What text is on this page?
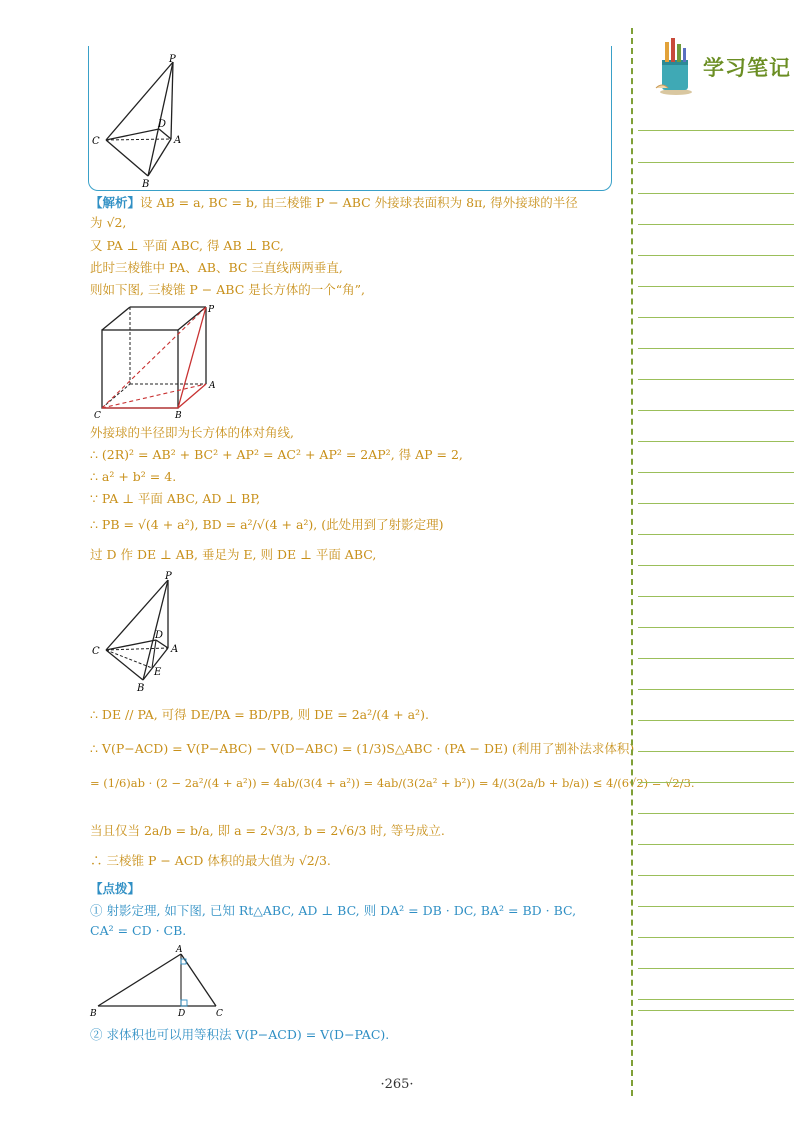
P
C	A
B
D
【解析】设 AB = a, BC = b, 由三棱锥 P − ABC 外接球表面积为 8π, 得外接球的半径
为 √2,
又 PA ⊥ 平面 ABC, 得 AB ⊥ BC,
此时三棱锥中 PA、AB、BC 三直线两两垂直,
则如下图, 三棱锥 P − ABC 是长方体的一个“角”,
P
A
B
C
外接球的半径即为长方体的体对角线,
∴ (2R)² = AB² + BC² + AP² = AC² + AP² = 2AP², 得 AP = 2,
∴ a² + b² = 4.
∵ PA ⊥ 平面 ABC, AD ⊥ BP,
∴ PB = √(4 + a²), BD = a²/√(4 + a²), (此处用到了射影定理)
过 D 作 DE ⊥ AB, 垂足为 E, 则 DE ⊥ 平面 ABC,
P
C	A
B
D
E
∴ DE // PA, 可得 DE/PA = BD/PB, 则 DE = 2a²/(4 + a²).
∴ V(P−ACD) = V(P−ABC) − V(D−ABC) = (1/3)S△ABC · (PA − DE) (利用了割补法求体积)
= (1/6)ab · (2 − 2a²/(4 + a²)) = 4ab/(3(4 + a²)) = 4ab/(3(2a² + b²)) = 4/(3(2a/b + b/a)) ≤ 4/(6√2) = √2/3.
当且仅当 2a/b = b/a, 即 a = 2√3/3, b = 2√6/3 时, 等号成立.
∴ 三棱锥 P − ACD 体积的最大值为 √2/3.
【点拨】
① 射影定理, 如下图, 已知 Rt△ABC, AD ⊥ BC, 则 DA² = DB · DC, BA² = BD · BC,
CA² = CD · CB.
A
B	C
D
② 求体积也可以用等积法 V(P−ACD) = V(D−PAC).
·265·
学习笔记
